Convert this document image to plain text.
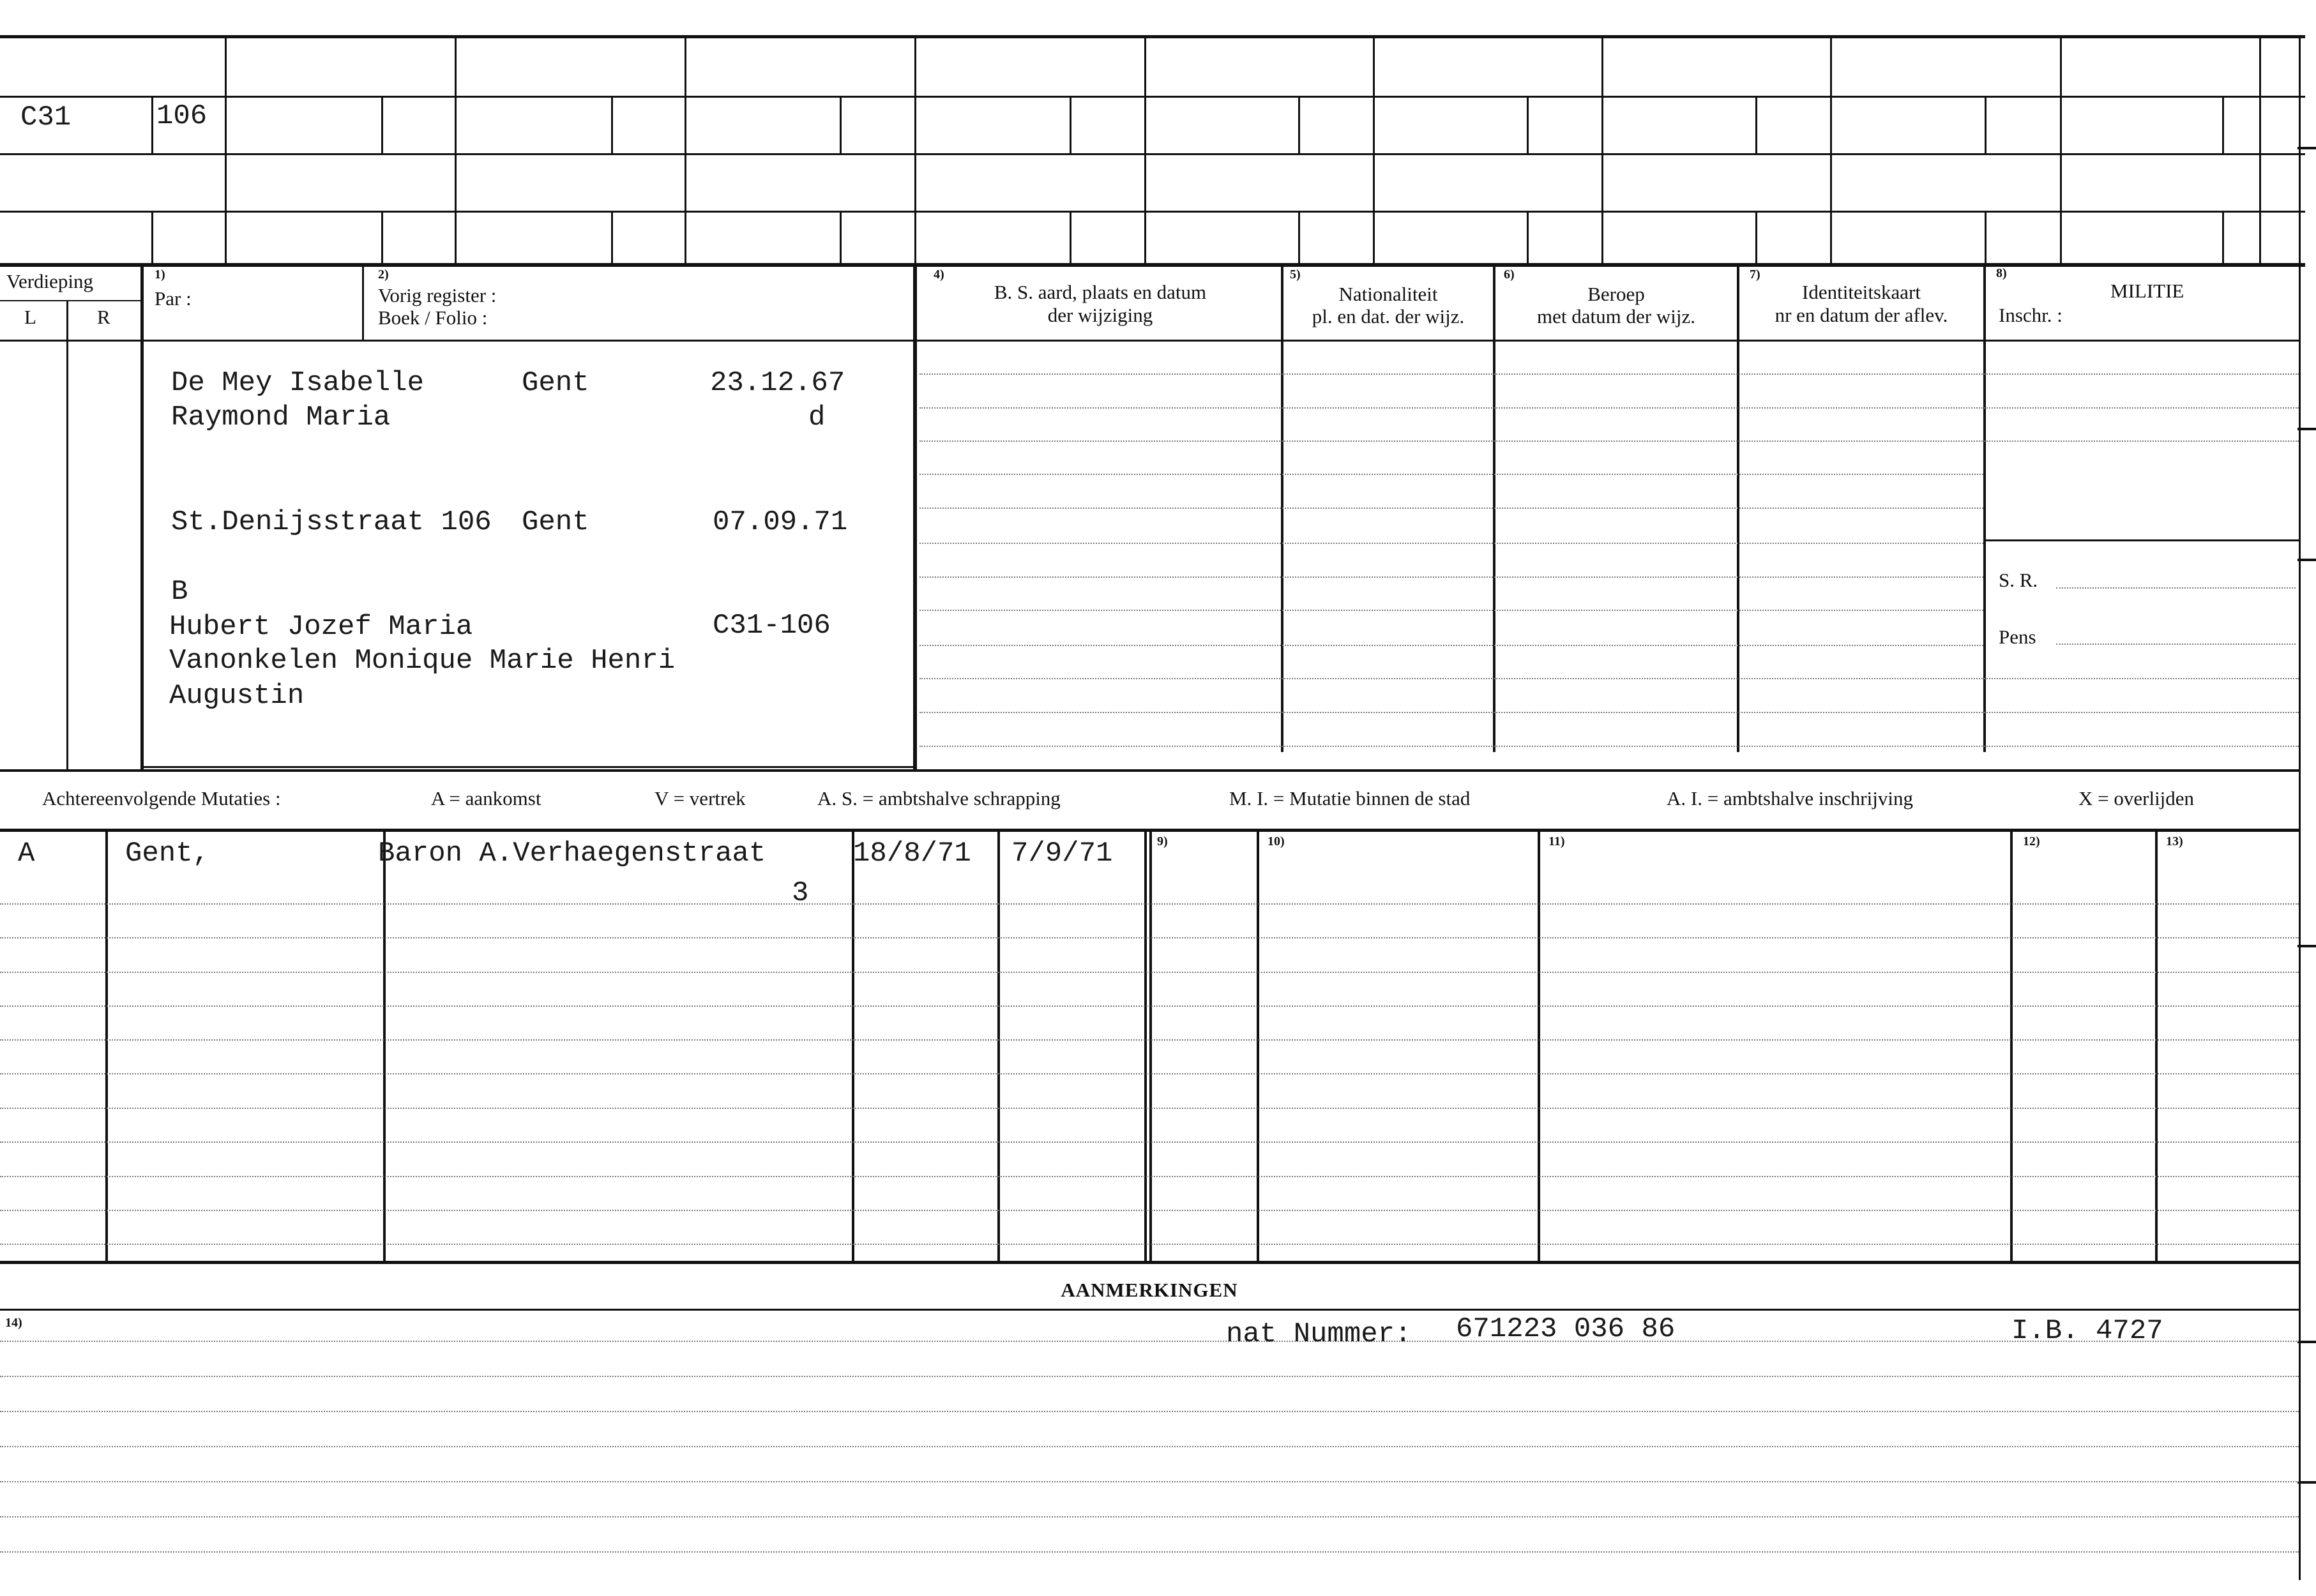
C31	106
Verdieping
L	R
1)
Par :
2)
Vorig register :
Boek / Folio :
4)
B. S. aard, plaats en datum
der wijziging
5)
Nationaliteit
pl. en dat. der wijz.
6)
Beroep
met datum der wijz.
7)
Identiteitskaart
nr en datum der aflev.
8)
MILITIE
Inschr. :
S. R.
Pens
De Mey Isabelle	Gent	23.12.67
Raymond Maria	d
St.Denijsstraat 106 Gent	07.09.71
B
Hubert Jozef Maria	C31-106
Vanonkelen Monique Marie Henri
Augustin
Achtereenvolgende Mutaties :	A = aankomst	V = vertrek	A. S. = ambtshalve schrapping	M. I. = Mutatie binnen de stad	A. I. = ambtshalve inschrijving	X = overlijden
9)	10)	11)	12)	13)
A	Gent,	Baron A.Verhaegenstraat
3
18/8/71 7/9/71
AANMERKINGEN
14)	nat Nummer: 671223 036 86	I.B. 4727
